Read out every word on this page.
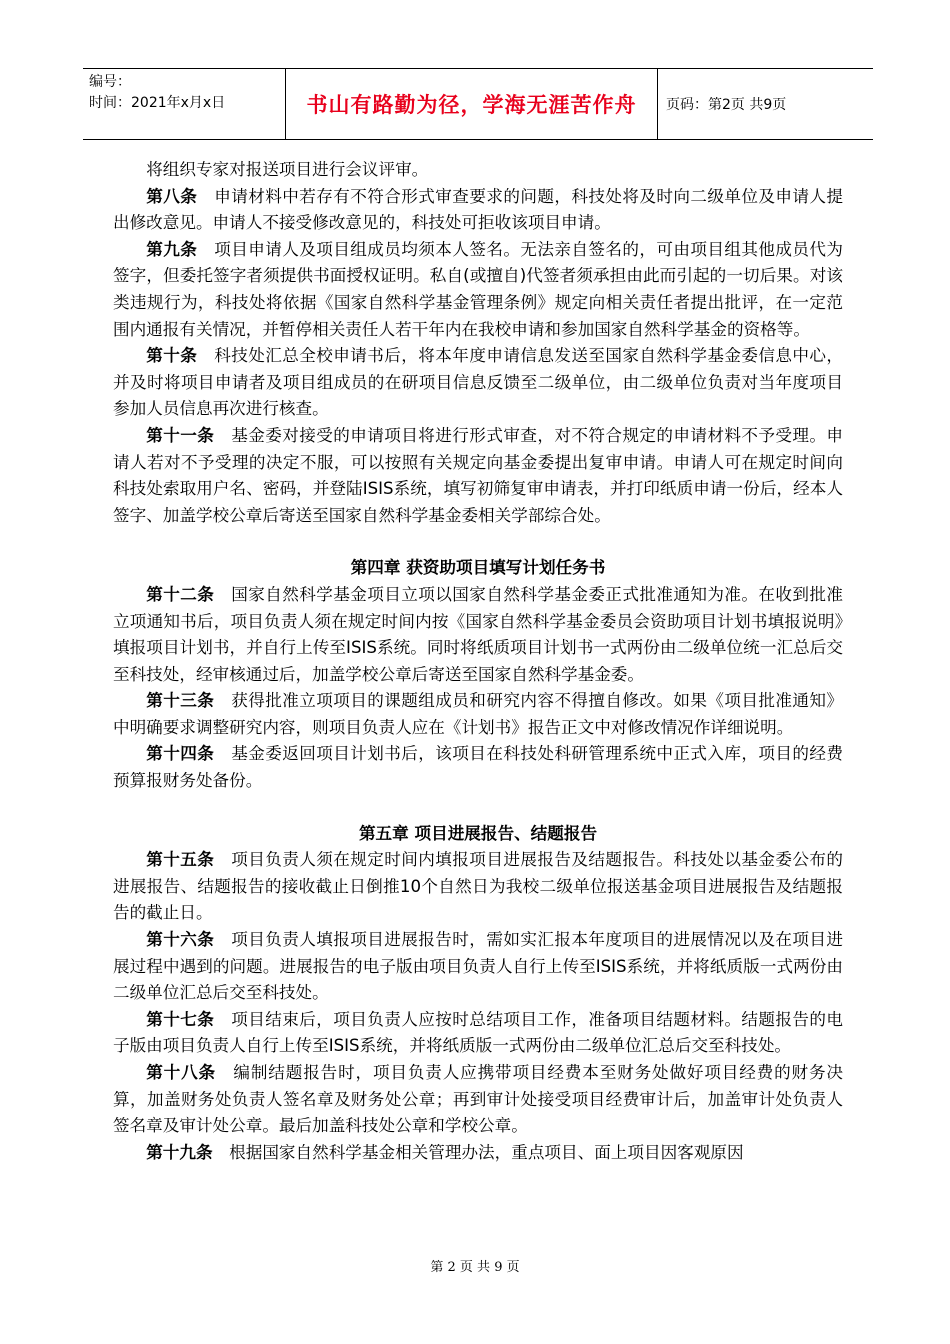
编号：
时间：2021年x月x日	书山有路勤为径，学海无涯苦作舟 页码：第2页 共9页

将组织专家对报送项目进行会议评审。

第八条　 申请材料中若存有不符合形式审查要求的问题，科技处将及时向二级单位及申请人提出修改意见。申请人不接受修改意见的，科技处可拒收该项目申请。

第九条　 项目申请人及项目组成员均须本人签名。无法亲自签名的，可由项目组其他成员代为签字，但委托签字者须提供书面授权证明。私自(或擅自)代签者须承担由此而引起的一切后果。对该类违规行为，科技处将依据《国家自然科学基金管理条例》规定向相关责任者提出批评，在一定范围内通报有关情况，并暂停相关责任人若干年内在我校申请和参加国家自然科学基金的资格等。

第十条　 科技处汇总全校申请书后，将本年度申请信息发送至国家自然科学基金委信息中心，并及时将项目申请者及项目组成员的在研项目信息反馈至二级单位，由二级单位负责对当年度项目参加人员信息再次进行核查。

第十一条　 基金委对接受的申请项目将进行形式审查，对不符合规定的申请材料不予受理。申请人若对不予受理的决定不服，可以按照有关规定向基金委提出复审申请。申请人可在规定时间向科技处索取用户名、密码，并登陆ISIS系统，填写初筛复审申请表，并打印纸质申请一份后，经本人签字、加盖学校公章后寄送至国家自然科学基金委相关学部综合处。

第四章 获资助项目填写计划任务书

第十二条　 国家自然科学基金项目立项以国家自然科学基金委正式批准通知为准。在收到批准立项通知书后，项目负责人须在规定时间内按《国家自然科学基金委员会资助项目计划书填报说明》填报项目计划书，并自行上传至ISIS系统。同时将纸质项目计划书一式两份由二级单位统一汇总后交至科技处，经审核通过后，加盖学校公章后寄送至国家自然科学基金委。

第十三条　 获得批准立项项目的课题组成员和研究内容不得擅自修改。如果《项目批准通知》中明确要求调整研究内容，则项目负责人应在《计划书》报告正文中对修改情况作详细说明。

第十四条　 基金委返回项目计划书后，该项目在科技处科研管理系统中正式入库，项目的经费预算报财务处备份。

第五章 项目进展报告、结题报告

第十五条　 项目负责人须在规定时间内填报项目进展报告及结题报告。科技处以基金委公布的进展报告、结题报告的接收截止日倒推10个自然日为我校二级单位报送基金项目进展报告及结题报告的截止日。

第十六条　 项目负责人填报项目进展报告时，需如实汇报本年度项目的进展情况以及在项目进展过程中遇到的问题。进展报告的电子版由项目负责人自行上传至ISIS系统，并将纸质版一式两份由二级单位汇总后交至科技处。

第十七条　 项目结束后，项目负责人应按时总结项目工作，准备项目结题材料。结题报告的电子版由项目负责人自行上传至ISIS系统，并将纸质版一式两份由二级单位汇总后交至科技处。

第十八条　 编制结题报告时，项目负责人应携带项目经费本至财务处做好项目经费的财务决算，加盖财务处负责人签名章及财务处公章；再到审计处接受项目经费审计后，加盖审计处负责人签名章及审计处公章。最后加盖科技处公章和学校公章。

第十九条　 根据国家自然科学基金相关管理办法，重点项目、面上项目因客观原因

第 2 页 共 9 页
